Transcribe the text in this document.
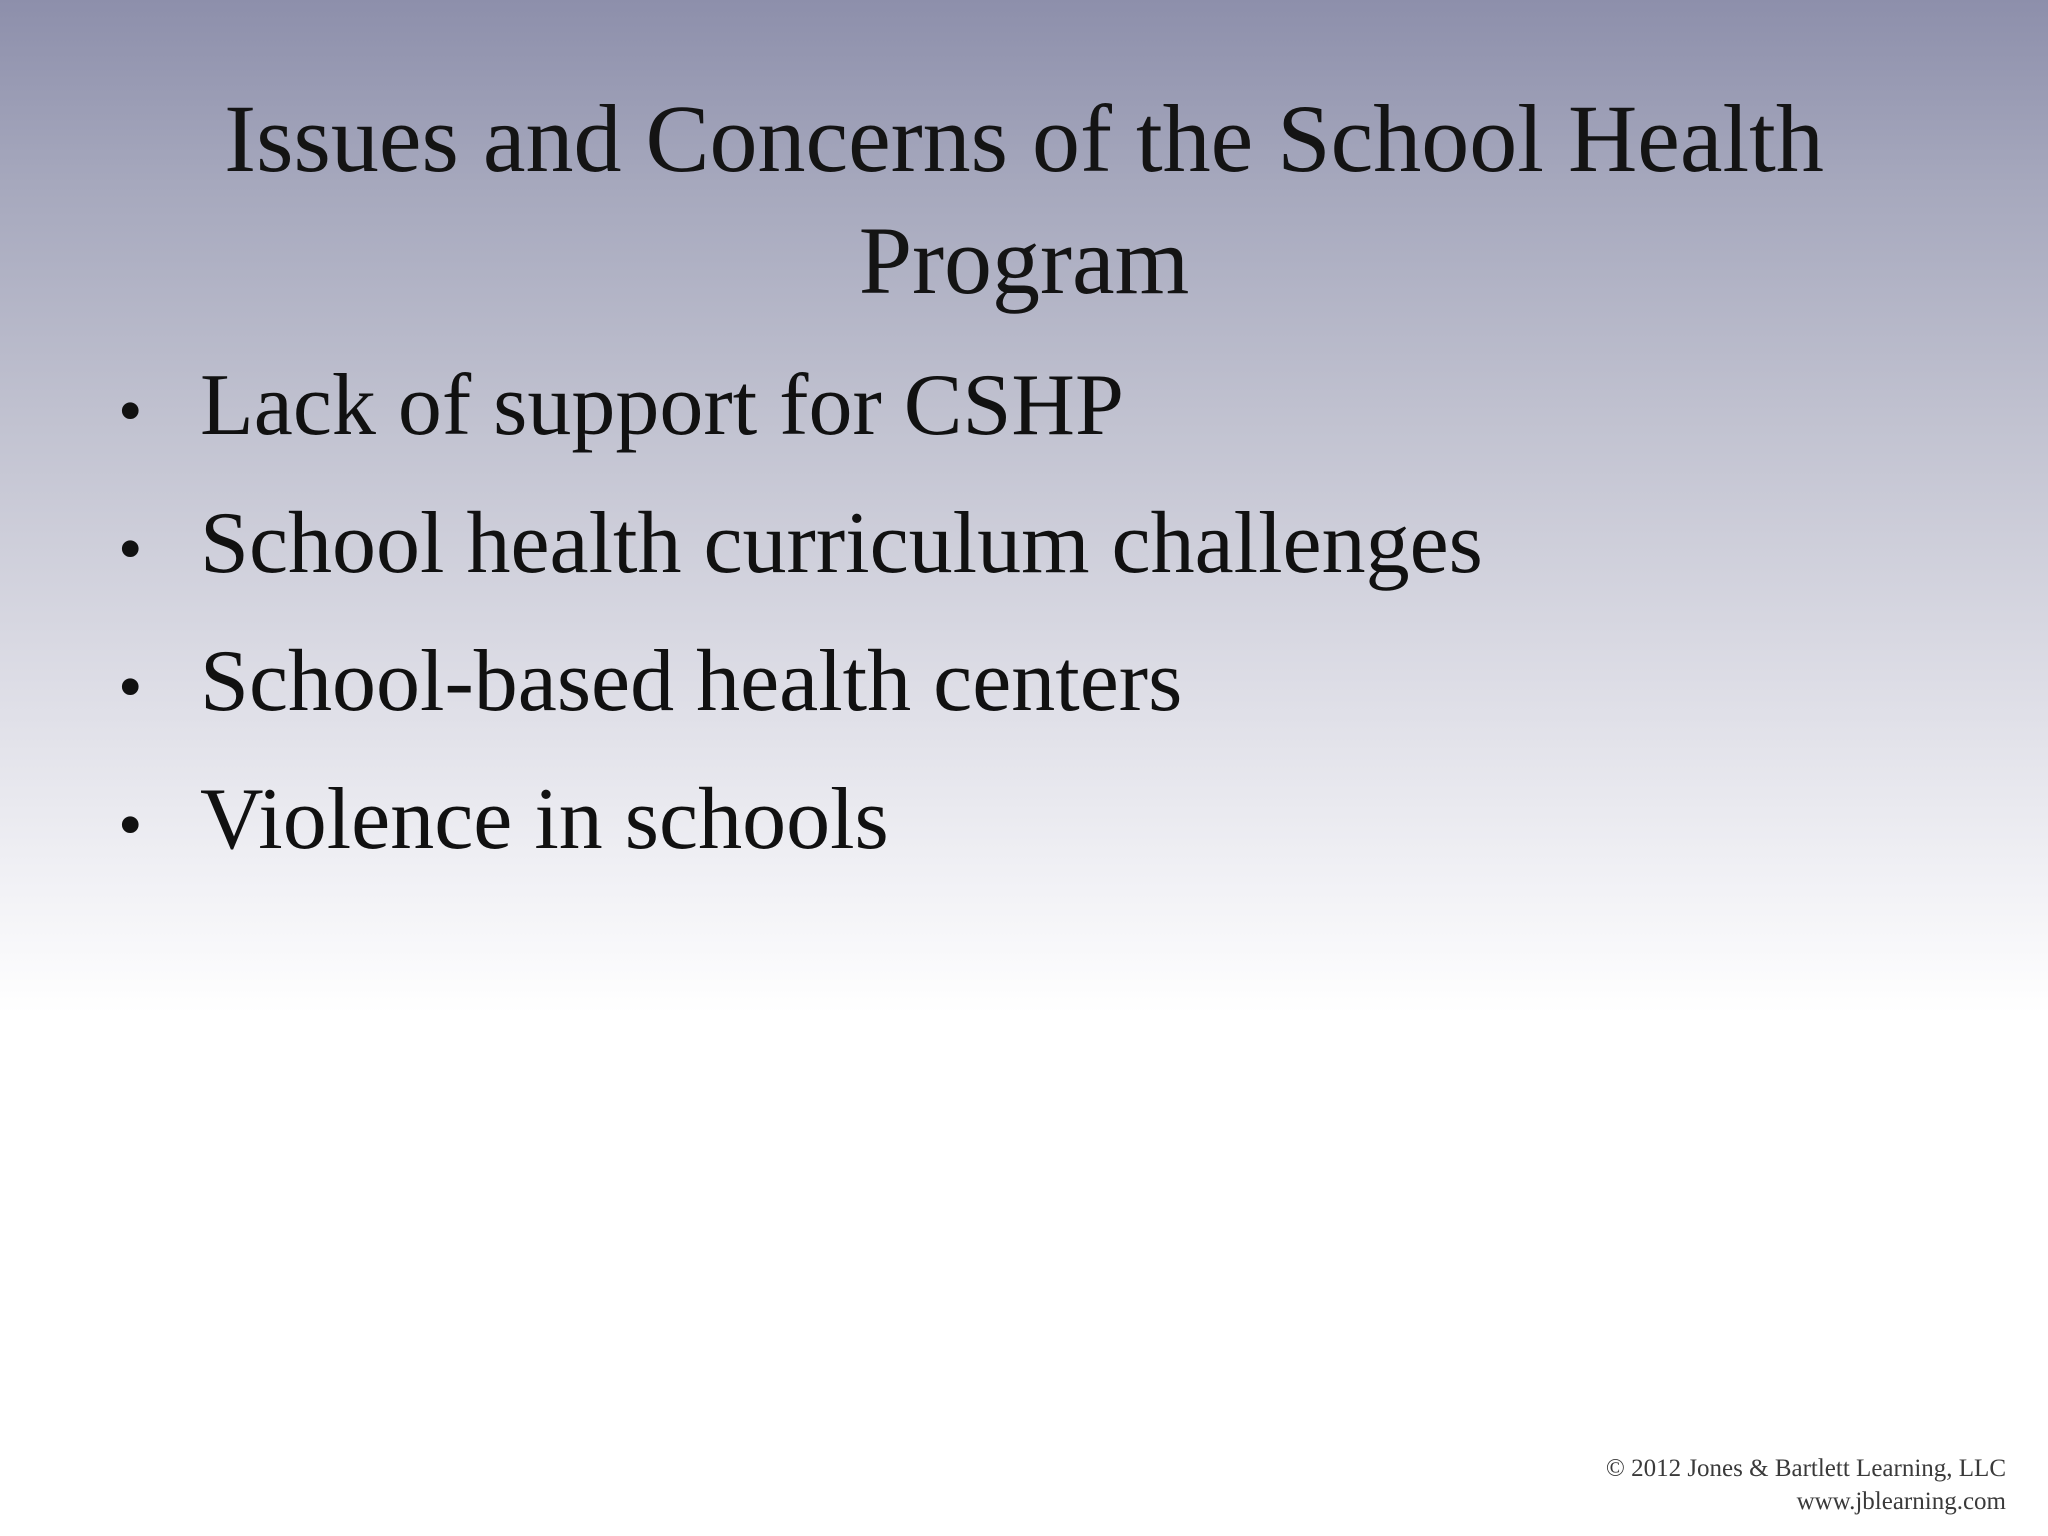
Issues and Concerns of the School Health
Program
• Lack of support for CSHP
• School health curriculum challenges
• School-based health centers
• Violence in schools
© 2012 Jones & Bartlett Learning, LLC
www.jblearning.com
